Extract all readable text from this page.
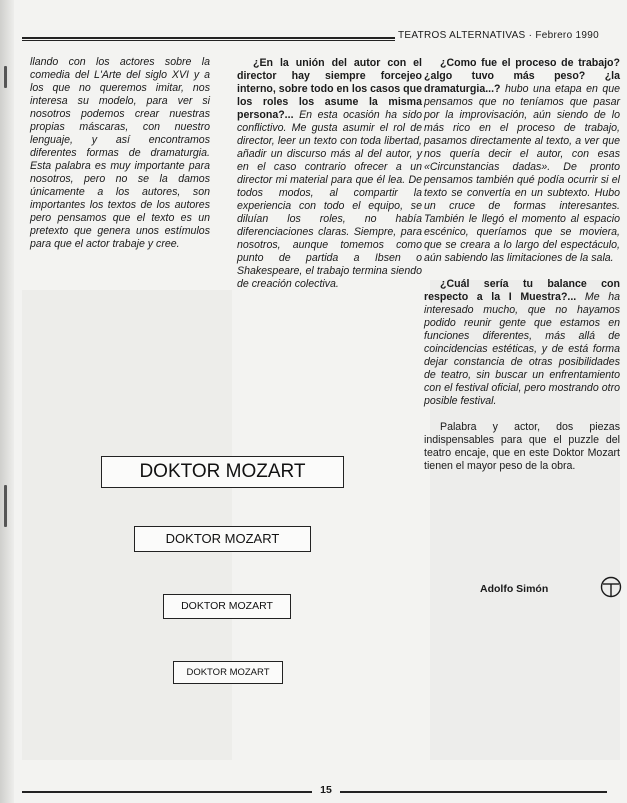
TEATROS ALTERNATIVAS · Febrero 1990

llando con los actores sobre la comedia del L'Arte del siglo XVI y a los que no queremos imitar, nos interesa su modelo, para ver si nosotros podemos crear nuestras propias máscaras, con nuestro lenguaje, y así encontramos diferentes formas de dramaturgia. Esta palabra es muy importante para nosotros, pero no se la damos únicamente a los autores, son importantes los textos de los autores pero pensamos que el texto es un pretexto que genera unos estímulos para que el actor trabaje y cree.

¿En la unión del autor con el director hay siempre forcejeo interno, sobre todo en los casos que los roles los asume la misma persona?... En esta ocasión ha sido conflictivo. Me gusta asumir el rol de director, leer un texto con toda libertad, añadir un discurso más al del autor, y en el caso contrario ofrecer a un director mi material para que él lea. De todos modos, al compartir la experiencia con todo el equipo, se diluían los roles, no había diferenciaciones claras. Siempre, para nosotros, aunque tomemos como punto de partida a Ibsen o Shakespeare, el trabajo termina siendo de creación colectiva.

¿Como fue el proceso de trabajo? ¿algo tuvo más peso? ¿la dramaturgia...? hubo una etapa en que pensamos que no teníamos que pasar por la improvisación, aún siendo de lo más rico en el proceso de trabajo, pasamos directamente al texto, a ver que nos quería decir el autor, con esas «Circunstancias dadas». De pronto pensamos también qué podía ocurrir si el texto se convertía en un subtexto. Hubo un cruce de formas interesantes. También le llegó el momento al espacio escénico, queríamos que se moviera, que se creara a lo largo del espectáculo, aún sabiendo las limitaciones de la sala.

¿Cuál sería tu balance con respecto a la I Muestra?... Me ha interesado mucho, que no hayamos podido reunir gente que estamos en funciones diferentes, más allá de coincidencias estéticas, y de está forma dejar constancia de otras posibilidades de teatro, sin buscar un enfrentamiento con el festival oficial, pero mostrando otro posible festival.

Palabra y actor, dos piezas indispensables para que el puzzle del teatro encaje, que en este Doktor Mozart tienen el mayor peso de la obra.

Adolfo Simón
DOKTOR MOZART
DOKTOR MOZART
DOKTOR MOZART
DOKTOR MOZART
15
